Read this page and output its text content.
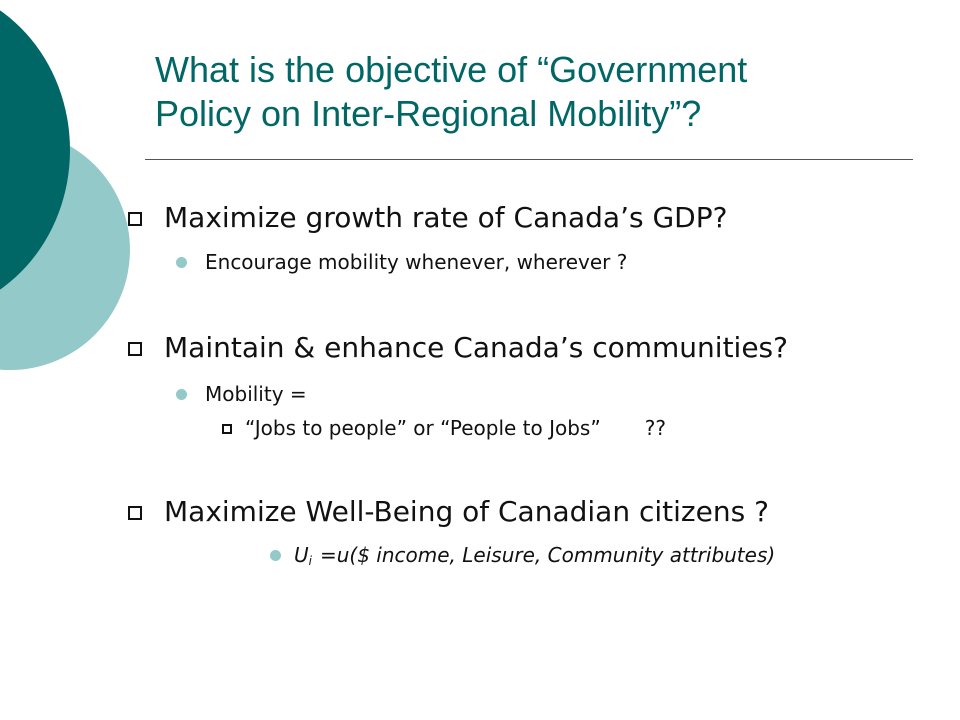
What is the objective of “Government
Policy on Inter-Regional Mobility”?
Maximize growth rate of Canada’s GDP?
Encourage mobility whenever, wherever ?
Maintain & enhance Canada’s communities?
Mobility =
“Jobs to people” or “People to Jobs” ??
Maximize Well-Being of Canadian citizens ?
$U_i$ =u($ income, Leisure, Community attributes)
